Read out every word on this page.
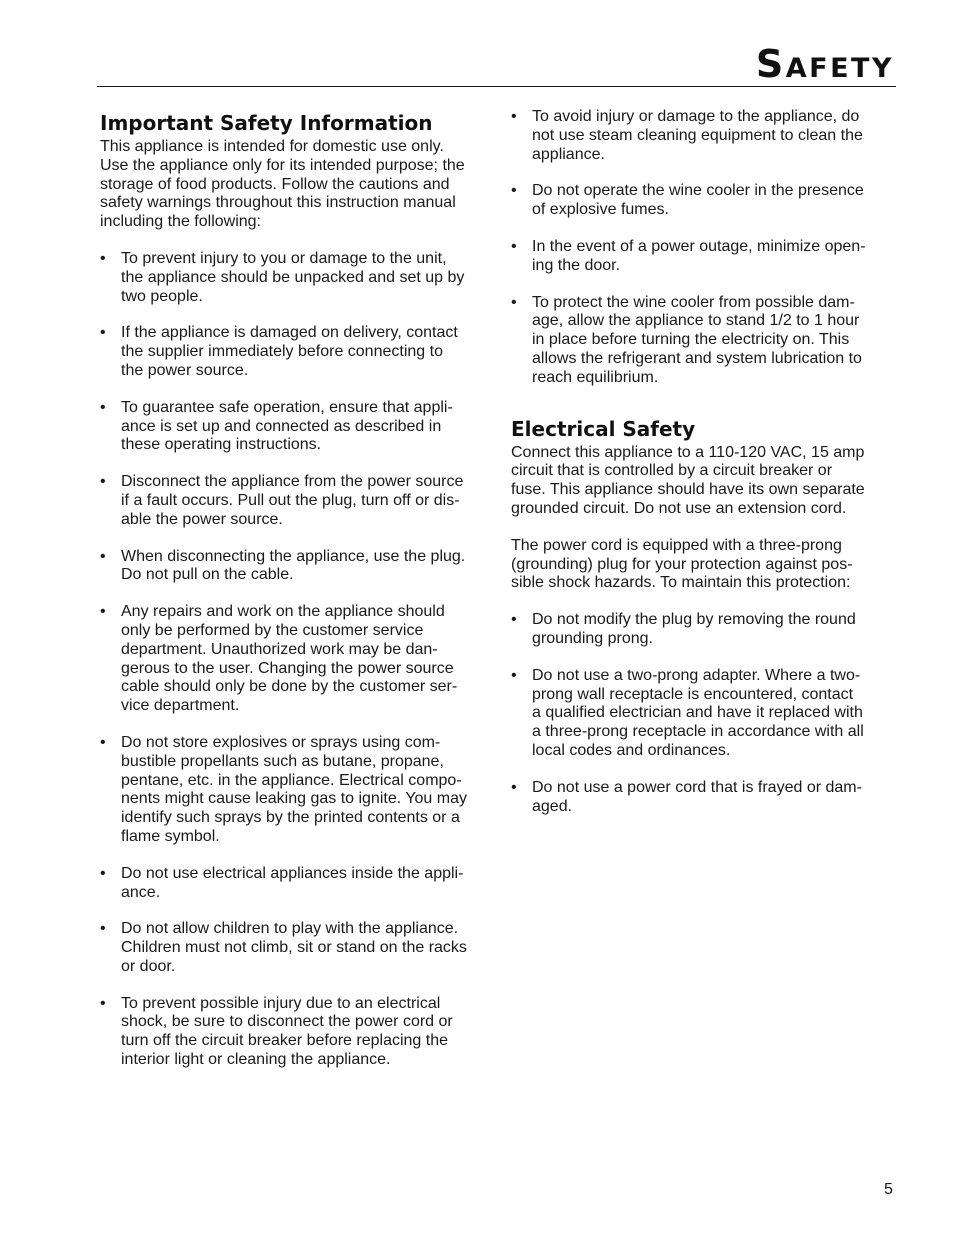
Safety
Important Safety Information

This appliance is intended for domestic use only.
Use the appliance only for its intended purpose; the
storage of food products. Follow the cautions and
safety warnings throughout this instruction manual
including the following:

• To prevent injury to you or damage to the unit,
the appliance should be unpacked and set up by
two people.
• If the appliance is damaged on delivery, contact
the supplier immediately before connecting to
the power source.
• To guarantee safe operation, ensure that appli-
ance is set up and connected as described in
these operating instructions.
• Disconnect the appliance from the power source
if a fault occurs. Pull out the plug, turn off or dis-
able the power source.
• When disconnecting the appliance, use the plug.
Do not pull on the cable.
• Any repairs and work on the appliance should
only be performed by the customer service
department. Unauthorized work may be dan-
gerous to the user. Changing the power source
cable should only be done by the customer ser-
vice department.
• Do not store explosives or sprays using com-
bustible propellants such as butane, propane,
pentane, etc. in the appliance. Electrical compo-
nents might cause leaking gas to ignite. You may
identify such sprays by the printed contents or a
flame symbol.
• Do not use electrical appliances inside the appli-
ance.
• Do not allow children to play with the appliance.
Children must not climb, sit or stand on the racks
or door.
• To prevent possible injury due to an electrical
shock, be sure to disconnect the power cord or
turn off the circuit breaker before replacing the
interior light or cleaning the appliance.
• To avoid injury or damage to the appliance, do
not use steam cleaning equipment to clean the
appliance.
• Do not operate the wine cooler in the presence
of explosive fumes.
• In the event of a power outage, minimize open-
ing the door.
• To protect the wine cooler from possible dam-
age, allow the appliance to stand 1/2 to 1 hour
in place before turning the electricity on. This
allows the refrigerant and system lubrication to
reach equilibrium.
Electrical Safety

Connect this appliance to a 110-120 VAC, 15 amp
circuit that is controlled by a circuit breaker or
fuse. This appliance should have its own separate
grounded circuit. Do not use an extension cord.

The power cord is equipped with a three-prong
(grounding) plug for your protection against pos-
sible shock hazards. To maintain this protection:

• Do not modify the plug by removing the round
grounding prong.
• Do not use a two-prong adapter. Where a two-
prong wall receptacle is encountered, contact
a qualified electrician and have it replaced with
a three-prong receptacle in accordance with all
local codes and ordinances.
• Do not use a power cord that is frayed or dam-
aged.
5
